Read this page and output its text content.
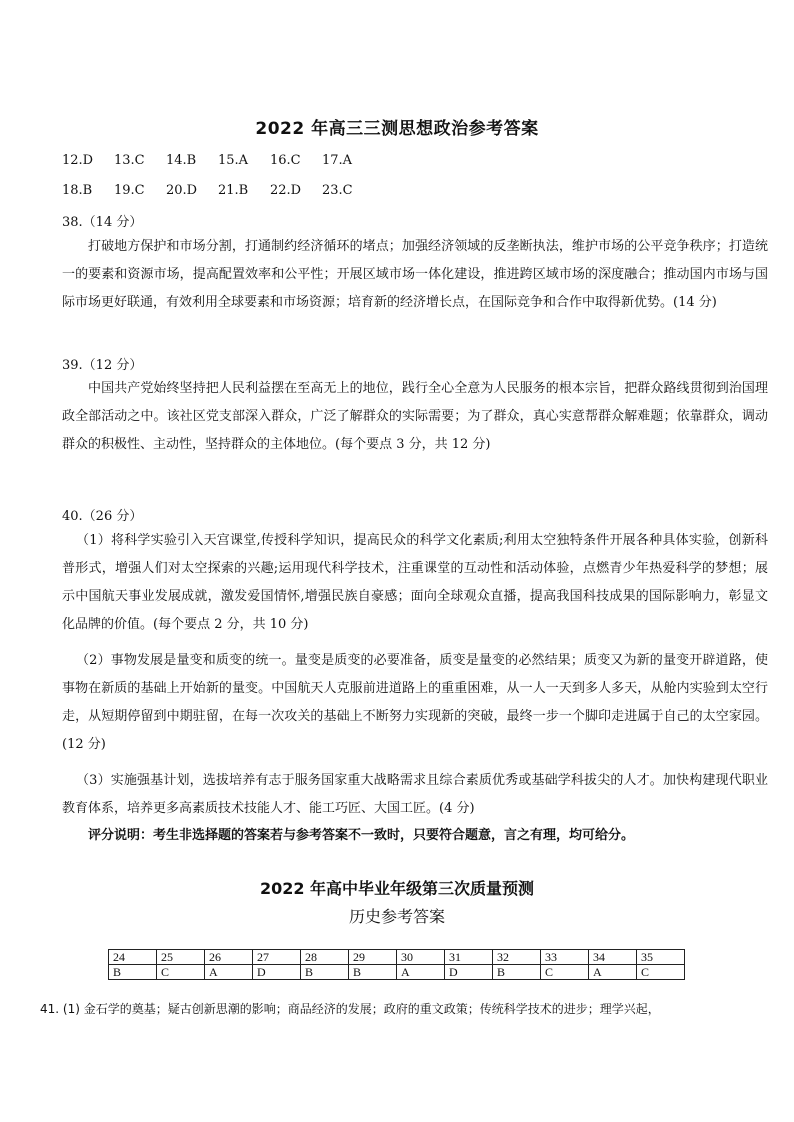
2022 年高三三测思想政治参考答案
12.D 13.C 14.B 15.A 16.C 17.A
18.B 19.C 20.D 21.B 22.D 23.C
38.（14 分）
打破地方保护和市场分割，打通制约经济循环的堵点；加强经济领域的反垄断执法，维护市场的公平竞争秩序；打造统一的要素和资源市场，提高配置效率和公平性；开展区域市场一体化建设，推进跨区域市场的深度融合；推动国内市场与国际市场更好联通，有效利用全球要素和市场资源；培育新的经济增长点，在国际竞争和合作中取得新优势。(14 分)
39.（12 分）
中国共产党始终坚持把人民利益摆在至高无上的地位，践行全心全意为人民服务的根本宗旨，把群众路线贯彻到治国理政全部活动之中。该社区党支部深入群众，广泛了解群众的实际需要；为了群众，真心实意帮群众解难题；依靠群众，调动群众的积极性、主动性，坚持群众的主体地位。(每个要点 3 分，共 12 分)
40.（26 分）
（1）将科学实验引入天宫课堂,传授科学知识，提高民众的科学文化素质;利用太空独特条件开展各种具体实验，创新科普形式，增强人们对太空探索的兴趣;运用现代科学技术，注重课堂的互动性和活动体验，点燃青少年热爱科学的梦想；展示中国航天事业发展成就，激发爱国情怀,增强民族自豪感；面向全球观众直播，提高我国科技成果的国际影响力，彰显文化品牌的价值。(每个要点 2 分，共 10 分)
（2）事物发展是量变和质变的统一。量变是质变的必要准备，质变是量变的必然结果；质变又为新的量变开辟道路，使事物在新质的基础上开始新的量变。中国航天人克服前进道路上的重重困难，从一人一天到多人多天，从舱内实验到太空行走，从短期停留到中期驻留，在每一次攻关的基础上不断努力实现新的突破，最终一步一个脚印走进属于自己的太空家园。(12 分)
（3）实施强基计划，选拔培养有志于服务国家重大战略需求且综合素质优秀或基础学科拔尖的人才。加快构建现代职业教育体系，培养更多高素质技术技能人才、能工巧匠、大国工匠。(4 分)
评分说明：考生非选择题的答案若与参考答案不一致时，只要符合题意，言之有理，均可给分。
2022 年高中毕业年级第三次质量预测
历史参考答案
24	25	26	27	28	29	30	31	32	33	34	35
B	C	A	D	B	B	A	D	B	C	A	C
41. (1) 金石学的奠基；疑古创新思潮的影响；商品经济的发展；政府的重文政策；传统科学技术的进步；理学兴起，
